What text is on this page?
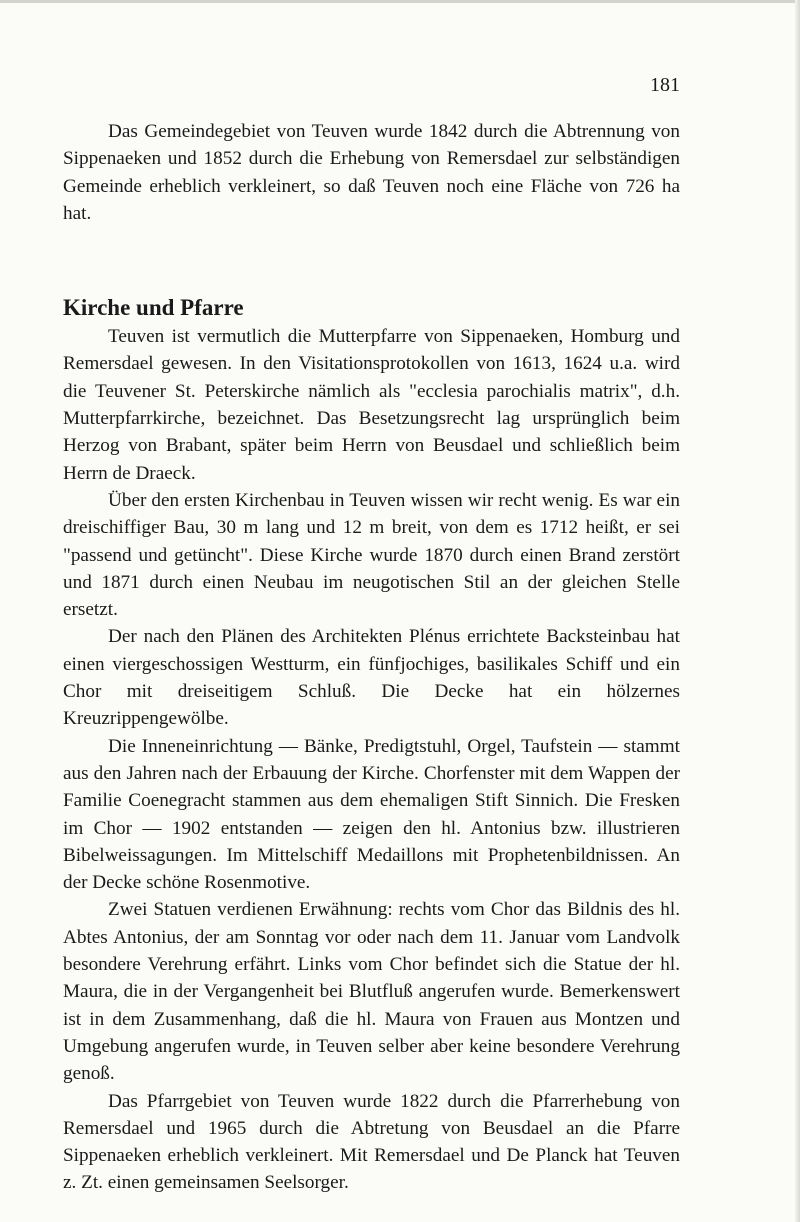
181

Das Gemeindegebiet von Teuven wurde 1842 durch die Abtrennung von Sippenaeken und 1852 durch die Erhebung von Remersdael zur selbständigen Gemeinde erheblich verkleinert, so daß Teuven noch eine Fläche von 726 ha hat.

Kirche und Pfarre

Teuven ist vermutlich die Mutterpfarre von Sippenaeken, Homburg und Remersdael gewesen. In den Visitationsprotokollen von 1613, 1624 u.a. wird die Teuvener St. Peterskirche nämlich als "ecclesia parochialis matrix", d.h. Mutterpfarrkirche, bezeichnet. Das Besetzungsrecht lag ursprünglich beim Herzog von Brabant, später beim Herrn von Beusdael und schließlich beim Herrn de Draeck.

Über den ersten Kirchenbau in Teuven wissen wir recht wenig. Es war ein dreischiffiger Bau, 30 m lang und 12 m breit, von dem es 1712 heißt, er sei "passend und getüncht". Diese Kirche wurde 1870 durch einen Brand zerstört und 1871 durch einen Neubau im neugotischen Stil an der gleichen Stelle ersetzt.

Der nach den Plänen des Architekten Plénus errichtete Backsteinbau hat einen viergeschossigen Westturm, ein fünfjochiges, basilikales Schiff und ein Chor mit dreiseitigem Schluß. Die Decke hat ein hölzernes Kreuzrippengewölbe.

Die Inneneinrichtung — Bänke, Predigtstuhl, Orgel, Taufstein — stammt aus den Jahren nach der Erbauung der Kirche. Chorfenster mit dem Wappen der Familie Coenegracht stammen aus dem ehemaligen Stift Sinnich. Die Fresken im Chor — 1902 entstanden — zeigen den hl. Antonius bzw. illustrieren Bibelweissagungen. Im Mittelschiff Medaillons mit Prophetenbildnissen. An der Decke schöne Rosenmotive.

Zwei Statuen verdienen Erwähnung: rechts vom Chor das Bildnis des hl. Abtes Antonius, der am Sonntag vor oder nach dem 11. Januar vom Landvolk besondere Verehrung erfährt. Links vom Chor befindet sich die Statue der hl. Maura, die in der Vergangenheit bei Blutfluß angerufen wurde. Bemerkenswert ist in dem Zusammenhang, daß die hl. Maura von Frauen aus Montzen und Umgebung angerufen wurde, in Teuven selber aber keine besondere Verehrung genoß.

Das Pfarrgebiet von Teuven wurde 1822 durch die Pfarrerhebung von Remersdael und 1965 durch die Abtretung von Beusdael an die Pfarre Sippenaeken erheblich verkleinert. Mit Remersdael und De Planck hat Teuven z. Zt. einen gemeinsamen Seelsorger.
